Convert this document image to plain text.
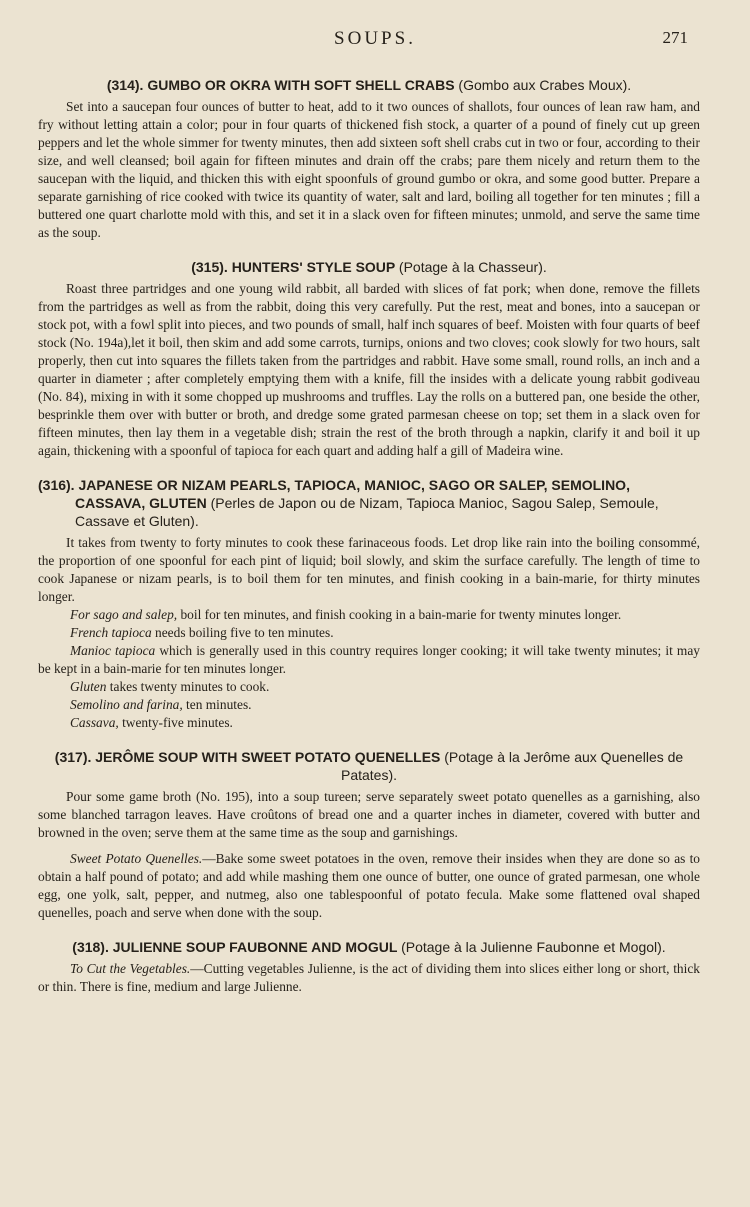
SOUPS.	271
(314). GUMBO OR OKRA WITH SOFT SHELL CRABS (Gombo aux Crabes Moux).

Set into a saucepan four ounces of butter to heat, add to it two ounces of shallots, four ounces of lean raw ham, and fry without letting attain a color; pour in four quarts of thickened fish stock, a quarter of a pound of finely cut up green peppers and let the whole simmer for twenty minutes, then add sixteen soft shell crabs cut in two or four, according to their size, and well cleansed; boil again for fifteen minutes and drain off the crabs; pare them nicely and return them to the saucepan with the liquid, and thicken this with eight spoonfuls of ground gumbo or okra, and some good butter. Prepare a separate garnishing of rice cooked with twice its quantity of water, salt and lard, boiling all together for ten minutes ; fill a buttered one quart charlotte mold with this, and set it in a slack oven for fifteen minutes; unmold, and serve the same time as the soup.

(315). HUNTERS' STYLE SOUP (Potage à la Chasseur).

Roast three partridges and one young wild rabbit, all barded with slices of fat pork; when done, remove the fillets from the partridges as well as from the rabbit, doing this very carefully. Put the rest, meat and bones, into a saucepan or stock pot, with a fowl split into pieces, and two pounds of small, half inch squares of beef. Moisten with four quarts of beef stock (No. 194a),let it boil, then skim and add some carrots, turnips, onions and two cloves; cook slowly for two hours, salt properly, then cut into squares the fillets taken from the partridges and rabbit. Have some small, round rolls, an inch and a quarter in diameter ; after completely emptying them with a knife, fill the insides with a delicate young rabbit godiveau (No. 84), mixing in with it some chopped up mushrooms and truffles. Lay the rolls on a buttered pan, one beside the other, besprinkle them over with butter or broth, and dredge some grated parmesan cheese on top; set them in a slack oven for fifteen minutes, then lay them in a vegetable dish; strain the rest of the broth through a napkin, clarify it and boil it up again, thickening with a spoonful of tapioca for each quart and adding half a gill of Madeira wine.

(316). JAPANESE OR NIZAM PEARLS, TAPIOCA, MANIOC, SAGO OR SALEP, SEMOLINO,
CASSAVA, GLUTEN (Perles de Japon ou de Nizam, Tapioca Manioc, Sagou Salep, Semoule, Cassave et Gluten).

It takes from twenty to forty minutes to cook these farinaceous foods. Let drop like rain into the boiling consommé, the proportion of one spoonful for each pint of liquid; boil slowly, and skim the surface carefully. The length of time to cook Japanese or nizam pearls, is to boil them for ten minutes, and finish cooking in a bain-marie, for thirty minutes longer.

For sago and salep, boil for ten minutes, and finish cooking in a bain-marie for twenty minutes longer.

French tapioca needs boiling five to ten minutes.

Manioc tapioca which is generally used in this country requires longer cooking; it will take twenty minutes; it may be kept in a bain-marie for ten minutes longer.

Gluten takes twenty minutes to cook.

Semolino and farina, ten minutes.

Cassava, twenty-five minutes.

(317). JERÔME SOUP WITH SWEET POTATO QUENELLES (Potage à la Jerôme aux Quenelles de Patates).

Pour some game broth (No. 195), into a soup tureen; serve separately sweet potato quenelles as a garnishing, also some blanched tarragon leaves. Have croûtons of bread one and a quarter inches in diameter, covered with butter and browned in the oven; serve them at the same time as the soup and garnishings.

Sweet Potato Quenelles.—Bake some sweet potatoes in the oven, remove their insides when they are done so as to obtain a half pound of potato; and add while mashing them one ounce of butter, one ounce of grated parmesan, one whole egg, one yolk, salt, pepper, and nutmeg, also one tablespoonful of potato fecula. Make some flattened oval shaped quenelles, poach and serve when done with the soup.

(318). JULIENNE SOUP FAUBONNE AND MOGUL (Potage à la Julienne Faubonne et Mogol).

To Cut the Vegetables.—Cutting vegetables Julienne, is the act of dividing them into slices either long or short, thick or thin. There is fine, medium and large Julienne.
